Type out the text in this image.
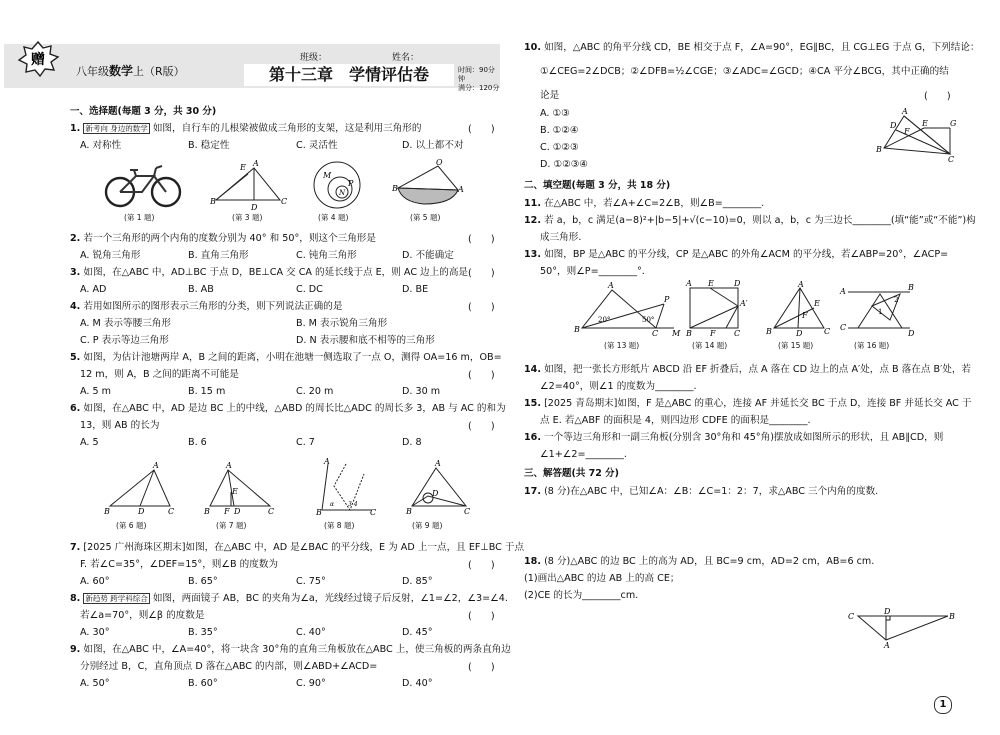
赠
八年级数学上（R版）
班级：	姓名：
第十三章　学情评估卷	时间：90分钟
满分：120分
一、选择题(每题 3 分，共 30 分)
1. 新考向 身边的数学 如图，自行车的儿根梁被做成三角形的支架，这是利用三角形的	(　　)
A. 对称性	B. 稳定性	C. 灵活性	D. 以上都不对
B	C
A
E
D
M
N
P
B	A
O
(第 1 题)	(第 3 题)	(第 4 题)	(第 5 题)
2. 若一个三角形的两个内角的度数分别为 40° 和 50°，则这个三角形是	(　　)
A. 锐角三角形	B. 直角三角形	C. 钝角三角形	D. 不能确定
3. 如图，在△ABC 中，AD⊥BC 于点 D，BE⊥CA 交 CA 的延长线于点 E，则 AC 边上的高是 (　　)
A. AD	B. AB	C. DC	D. BE
4. 若用如图所示的图形表示三角形的分类，则下列说法正确的是	(　　)
A. M 表示等腰三角形	B. M 表示锐角三角形
C. P 表示等边三角形	D. N 表示腰和底不相等的三角形
5. 如图，为估计池塘两岸 A，B 之间的距离，小明在池塘一侧选取了一点 O，测得 OA=16 m，OB=
12 m，则 A，B 之间的距离不可能是	(　　)
A. 5 m	B. 15 m	C. 20 m	D. 30 m
6. 如图，在△ABC 中，AD 是边 BC 上的中线，△ABD 的周长比△ADC 的周长多 3，AB 与 AC 的和为
13，则 AB 的长为	(　　)
A. 5	B. 6	C. 7	D. 8
B	C
A
D	B	C
A
F D
E
A
B	C
α 3 4
B	C
A
D
(第 6 题)	(第 7 题)	(第 8 题)	(第 9 题)
7. [2025 广州海珠区期末]如图，在△ABC 中，AD 是∠BAC 的平分线，E 为 AD 上一点，且 EF⊥BC 于点
F. 若∠C=35°，∠DEF=15°，则∠B 的度数为	(　　)
A. 60°	B. 65°	C. 75°	D. 85°
8. 新趋势 跨学科综合 如图，两面镜子 AB，BC 的夹角为∠a，光线经过镜子后反射，∠1=∠2，∠3=∠4.
若∠a=70°，则∠β 的度数是	(　　)
A. 30°	B. 35°	C. 40°	D. 45°
9. 如图，在△ABC 中，∠A=40°，将一块含 30°角的直角三角板放在△ABC 上，使三角板的两条直角边
分别经过 B，C，直角顶点 D 落在△ABC 的内部，则∠ABD+∠ACD=	(　　)
A. 50°	B. 60°	C. 90°	D. 40°
10. 如图，△ABC 的角平分线 CD，BE 相交于点 F，∠A=90°，EG∥BC，且 CG⊥EG 于点 G，下列结论：
①∠CEG=2∠DCB；②∠DFB=½∠CGE；③∠ADC=∠GCD；④CA 平分∠BCG，其中正确的结
论是	(　　)
A. ①③
B. ①②④
C. ①②③
D. ①②③④
A
B
C
D	E
F
G
二、填空题(每题 3 分，共 18 分)
11. 在△ABC 中，若∠A+∠C=2∠B，则∠B=________.
12. 若 a，b，c 满足(a−8)²+|b−5|+√(c−10)=0，则以 a，b，c 为三边长________(填“能”或“不能”)构
成三角形.
13. 如图，BP 是△ABC 的平分线，CP 是△ABC 的外角∠ACM 的平分线，若∠ABP=20°，∠ACP=
50°，则∠P=________°.
A
B	C M
P
20°	50°
A	D
B	C
E
F
A′
A
B	C
D
E
F
A	B
C
D
1
2
(第 13 题)	(第 14 题)	(第 15 题)	(第 16 题)
14. 如图，把一张长方形纸片 ABCD 沿 EF 折叠后，点 A 落在 CD 边上的点 A′处，点 B 落在点 B′处，若
∠2=40°，则∠1 的度数为________.
15. [2025 青岛期末]如图，F 是△ABC 的重心，连接 AF 并延长交 BC 于点 D，连接 BF 并延长交 AC 于
点 E. 若△ABF 的面积是 4，则四边形 CDFE 的面积是________.
16. 一个等边三角形和一副三角板(分别含 30°角和 45°角)摆放成如图所示的形状，且 AB∥CD，则
∠1+∠2=________.
三、解答题(共 72 分)
17. (8 分)在△ABC 中，已知∠A：∠B：∠C=1：2：7，求△ABC 三个内角的度数.
18. (8 分)△ABC 的边 BC 上的高为 AD，且 BC=9 cm，AD=2 cm，AB=6 cm.
(1)画出△ABC 的边 AB 上的高 CE；
(2)CE 的长为________cm.
C	B
D
A
1
